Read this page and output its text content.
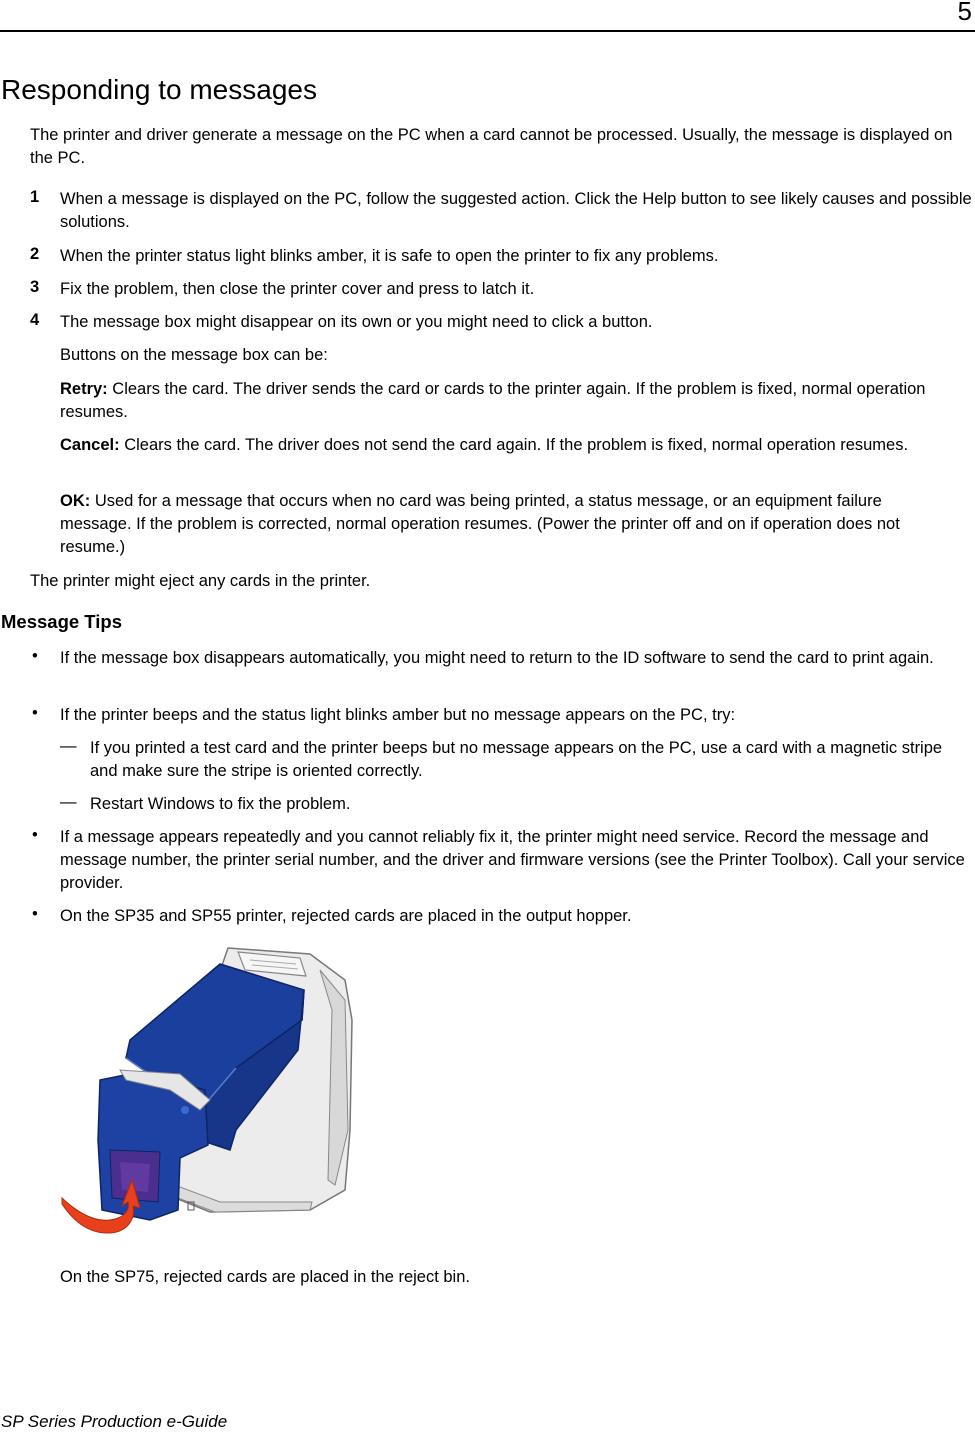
5
Responding to messages

The printer and driver generate a message on the PC when a card cannot be processed. Usually, the message is displayed on the PC.

1 When a message is displayed on the PC, follow the suggested action. Click the Help button to see likely causes and possible solutions.

2 When the printer status light blinks amber, it is safe to open the printer to fix any problems.

3 Fix the problem, then close the printer cover and press to latch it.

4 The message box might disappear on its own or you might need to click a button.

Buttons on the message box can be:

Retry: Clears the card. The driver sends the card or cards to the printer again. If the problem is fixed, normal operation resumes.

Cancel: Clears the card. The driver does not send the card again. If the problem is fixed, normal operation resumes.

OK: Used for a message that occurs when no card was being printed, a status message, or an equipment failure message. If the problem is corrected, normal operation resumes. (Power the printer off and on if operation does not resume.)

The printer might eject any cards in the printer.

Message Tips
• If the message box disappears automatically, you might need to return to the ID software to send the card to print again.

• If the printer beeps and the status light blinks amber but no message appears on the PC, try:

— If you printed a test card and the printer beeps but no message appears on the PC, use a card with a magnetic stripe and make sure the stripe is oriented correctly.

— Restart Windows to fix the problem.

• If a message appears repeatedly and you cannot reliably fix it, the printer might need service. Record the message and message number, the printer serial number, and the driver and firmware versions (see the Printer Toolbox). Call your service provider.

• On the SP35 and SP55 printer, rejected cards are placed in the output hopper.

On the SP75, rejected cards are placed in the reject bin.

SP Series Production e-Guide
